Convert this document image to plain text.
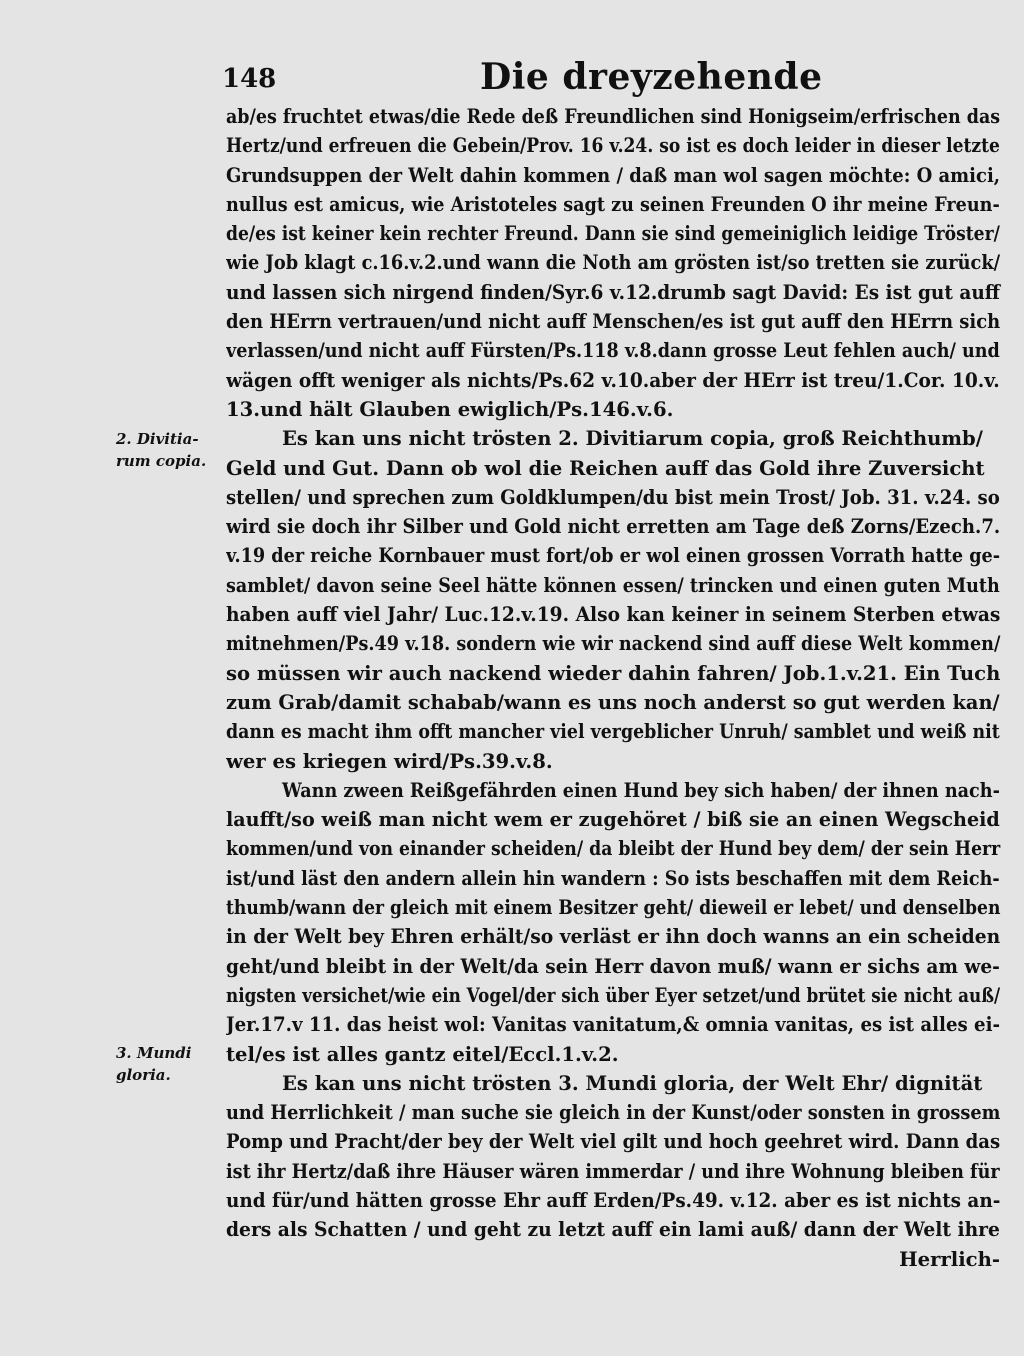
148	Die dreyzehende
2. Divitia-
rum copia.
3. Mundi
gloria.
ab/es fruchtet etwas/die Rede deß Freundlichen sind Honigseim/erfrischen das
Hertz/und erfreuen die Gebein/Prov. 16 v.24. so ist es doch leider in dieser letzte
Grundsuppen der Welt dahin kommen / daß man wol sagen möchte: O amici,
nullus est amicus, wie Aristoteles sagt zu seinen Freunden O ihr meine Freun-
de/es ist keiner kein rechter Freund. Dann sie sind gemeiniglich leidige Tröster/
wie Job klagt c.16.v.2.und wann die Noth am grösten ist/so tretten sie zurück/
und lassen sich nirgend finden/Syr.6 v.12.drumb sagt David: Es ist gut auff
den HErrn vertrauen/und nicht auff Menschen/es ist gut auff den HErrn sich
verlassen/und nicht auff Fürsten/Ps.118 v.8.dann grosse Leut fehlen auch/ und
wägen offt weniger als nichts/Ps.62 v.10.aber der HErr ist treu/1.Cor. 10.v.
13.und hält Glauben ewiglich/Ps.146.v.6.
Es kan uns nicht trösten 2. Divitiarum copia, groß Reichthumb/
Geld und Gut. Dann ob wol die Reichen auff das Gold ihre Zuversicht
stellen/ und sprechen zum Goldklumpen/du bist mein Trost/ Job. 31. v.24. so
wird sie doch ihr Silber und Gold nicht erretten am Tage deß Zorns/Ezech.7.
v.19 der reiche Kornbauer must fort/ob er wol einen grossen Vorrath hatte ge-
samblet/ davon seine Seel hätte können essen/ trincken und einen guten Muth
haben auff viel Jahr/ Luc.12.v.19. Also kan keiner in seinem Sterben etwas
mitnehmen/Ps.49 v.18. sondern wie wir nackend sind auff diese Welt kommen/
so müssen wir auch nackend wieder dahin fahren/ Job.1.v.21. Ein Tuch
zum Grab/damit schabab/wann es uns noch anderst so gut werden kan/
dann es macht ihm offt mancher viel vergeblicher Unruh/ samblet und weiß nit
wer es kriegen wird/Ps.39.v.8.
Wann zween Reißgefährden einen Hund bey sich haben/ der ihnen nach-
laufft/so weiß man nicht wem er zugehöret / biß sie an einen Wegscheid
kommen/und von einander scheiden/ da bleibt der Hund bey dem/ der sein Herr
ist/und läst den andern allein hin wandern : So ists beschaffen mit dem Reich-
thumb/wann der gleich mit einem Besitzer geht/ dieweil er lebet/ und denselben
in der Welt bey Ehren erhält/so verläst er ihn doch wanns an ein scheiden
geht/und bleibt in der Welt/da sein Herr davon muß/ wann er sichs am we-
nigsten versichet/wie ein Vogel/der sich über Eyer setzet/und brütet sie nicht auß/
Jer.17.v 11. das heist wol: Vanitas vanitatum,& omnia vanitas, es ist alles ei-
tel/es ist alles gantz eitel/Eccl.1.v.2.
Es kan uns nicht trösten 3. Mundi gloria, der Welt Ehr/ dignität
und Herrlichkeit / man suche sie gleich in der Kunst/oder sonsten in grossem
Pomp und Pracht/der bey der Welt viel gilt und hoch geehret wird. Dann das
ist ihr Hertz/daß ihre Häuser wären immerdar / und ihre Wohnung bleiben für
und für/und hätten grosse Ehr auff Erden/Ps.49. v.12. aber es ist nichts an-
ders als Schatten / und geht zu letzt auff ein lami auß/ dann der Welt ihre
Herrlich-
